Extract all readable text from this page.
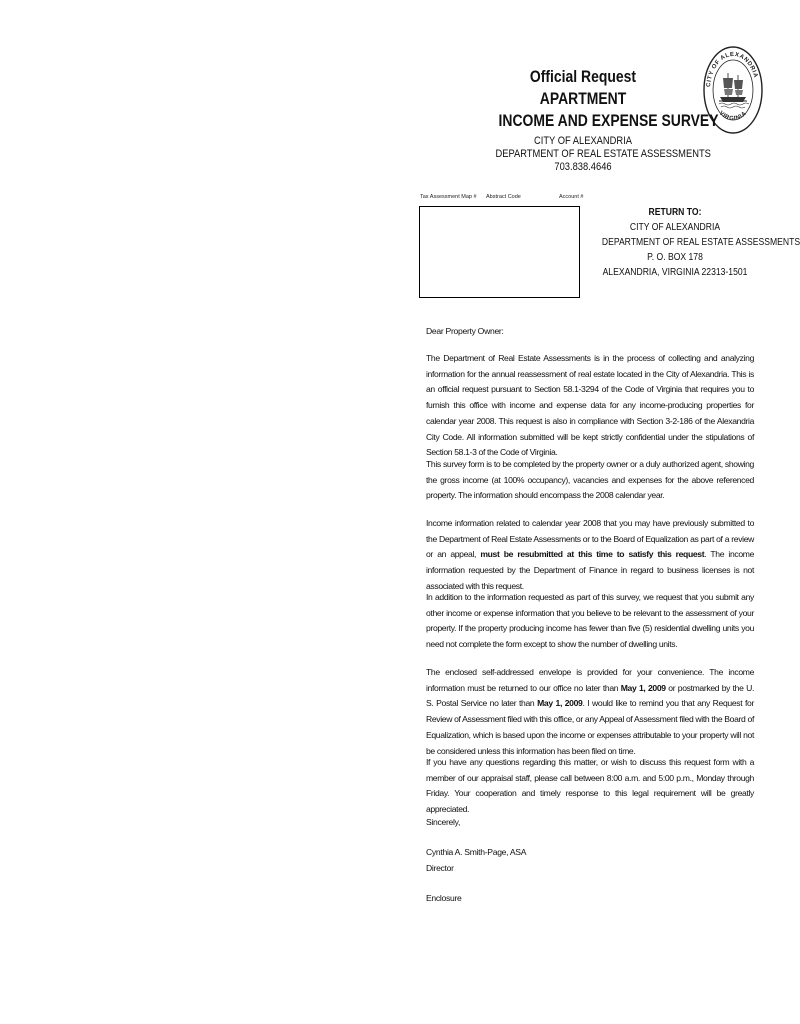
CITY OF ALEXANDRIA
VIRGINIA
Official Request
APARTMENT
INCOME AND EXPENSE SURVEY
CITY OF ALEXANDRIA
DEPARTMENT OF REAL ESTATE ASSESSMENTS
703.838.4646
Tax Assessment Map # Abstract Code	Account #
RETURN TO:
CITY OF ALEXANDRIA
DEPARTMENT OF REAL ESTATE ASSESSMENTS
P. O. BOX 178
ALEXANDRIA, VIRGINIA 22313-1501
Dear Property Owner:

The Department of Real Estate Assessments is in the process of collecting and analyzing information for the annual reassessment of real estate located in the City of Alexandria. This is an official request pursuant to Section 58.1-3294 of the Code of Virginia that requires you to furnish this office with income and expense data for any income-producing properties for calendar year 2008. This request is also in compliance with Section 3-2-186 of the Alexandria City Code. All information submitted will be kept strictly confidential under the stipulations of Section 58.1-3 of the Code of Virginia.

This survey form is to be completed by the property owner or a duly authorized agent, showing the gross income (at 100% occupancy), vacancies and expenses for the above referenced property. The information should encompass the 2008 calendar year.

Income information related to calendar year 2008 that you may have previously submitted to the Department of Real Estate Assessments or to the Board of Equalization as part of a review or an appeal, must be resubmitted at this time to satisfy this request. The income information requested by the Department of Finance in regard to business licenses is not associated with this request.

In addition to the information requested as part of this survey, we request that you submit any other income or expense information that you believe to be relevant to the assessment of your property. If the property producing income has fewer than five (5) residential dwelling units you need not complete the form except to show the number of dwelling units.

The enclosed self-addressed envelope is provided for your convenience. The income information must be returned to our office no later than May 1, 2009 or postmarked by the U. S. Postal Service no later than May 1, 2009. I would like to remind you that any Request for Review of Assessment filed with this office, or any Appeal of Assessment filed with the Board of Equalization, which is based upon the income or expenses attributable to your property will not be considered unless this information has been filed on time.

If you have any questions regarding this matter, or wish to discuss this request form with a member of our appraisal staff, please call between 8:00 a.m. and 5:00 p.m., Monday through Friday. Your cooperation and timely response to this legal requirement will be greatly appreciated.

Sincerely,
Cynthia A. Smith-Page, ASA
Director
Enclosure
